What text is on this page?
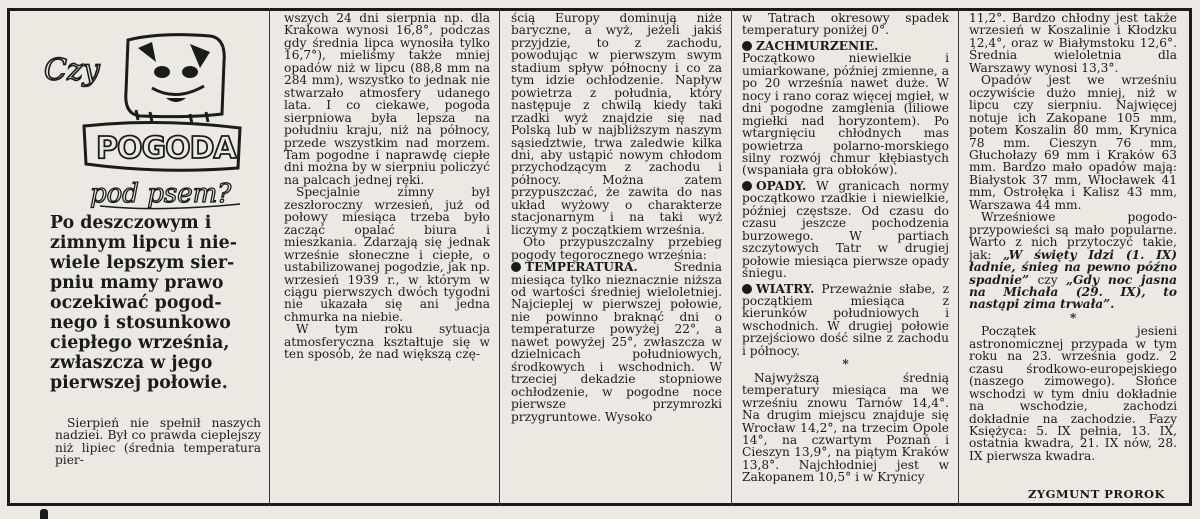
Czy
POGODA
pod psem?
Po deszczowym i
zimnym lipcu i nie-
wiele lepszym sier-
pniu mamy prawo
oczekiwać pogod-
nego i stosunkowo
ciepłego września,
zwłaszcza w jego
pierwszej połowie.

Sierpień nie spełnił naszych nadziei. Był co prawda cieplejszy niż lipiec (średnia temperatura pier-

wszych 24 dni sierpnia np. dla Krakowa wynosi 16,8°, podczas gdy średnia lipca wynosiła tylko 16,7°), mieliśmy także mniej opadów niż w lipcu (88,8 mm na 284 mm), wszystko to jednak nie stwarzało atmosfery udanego lata. I co ciekawe, pogoda sierpniowa była lepsza na południu kraju, niż na północy, przede wszystkim nad morzem. Tam pogodne i naprawdę ciepłe dni można by w sierpniu policzyć na palcach jednej ręki.

Specjalnie zimny był zeszłoroczny wrzesień, już od połowy miesiąca trzeba było zacząć opalać biura i mieszkania. Zdarzają się jednak wrześnie słoneczne i ciepłe, o ustabilizowanej pogodzie, jak np. wrzesień 1939 r., w którym w ciągu pierwszych dwóch tygodni nie ukazała się ani jedna chmurka na niebie.

W tym roku sytuacja atmosferyczna kształtuje się w ten sposób, że nad większą czę-

ścią Europy dominują niże baryczne, a wyż, jeżeli jakiś przyjdzie, to z zachodu, powodując w pierwszym swym stadium spływ północny i co za tym idzie ochłodzenie. Napływ powietrza z południa, który następuje z chwilą kiedy taki rzadki wyż znajdzie się nad Polską lub w najbliższym naszym sąsiedztwie, trwa zaledwie kilka dni, aby ustąpić nowym chłodom przychodzącym z zachodu i północy. Można zatem przypuszczać, że zawita do nas układ wyżowy o charakterze stacjonarnym i na taki wyż liczymy z początkiem września.

Oto przypuszczalny przebieg pogody tegorocznego września:

TEMPERATURA. Średnia miesiąca tylko nieznacznie niższa od wartości średniej wieloletniej. Najcieplej w pierwszej połowie, nie powinno braknąć dni o temperaturze powyżej 22°, a nawet powyżej 25°, zwłaszcza w dzielnicach południowych, środkowych i wschodnich. W trzeciej dekadzie stopniowe ochłodzenie, w pogodne noce pierwsze przymrozki przygruntowe. Wysoko

w Tatrach okresowy spadek temperatury poniżej 0°.

ZACHMURZENIE. Początkowo niewielkie i umiarkowane, później zmienne, a po 20 września nawet duże. W nocy i rano coraz więcej mgieł, w dni pogodne zamglenia (liliowe mgiełki nad horyzontem). Po wtargnięciu chłodnych mas powietrza polarno-morskiego silny rozwój chmur kłębiastych (wspaniała gra obłoków).

OPADY. W granicach normy początkowo rzadkie i niewielkie, później częstsze. Od czasu do czasu jeszcze pochodzenia burzowego. W partiach szczytowych Tatr w drugiej połowie miesiąca pierwsze opady śniegu.

WIATRY. Przeważnie słabe, z początkiem miesiąca z kierunków południowych i wschodnich. W drugiej połowie przejściowo dość silne z zachodu i północy.

*

Najwyższą średnią temperatury miesiąca ma we wrześniu znowu Tarnów 14,4°. Na drugim miejscu znajduje się Wrocław 14,2°, na trzecim Opole 14°, na czwartym Poznań i Cieszyn 13,9°, na piątym Kraków 13,8°. Najchłodniej jest w Zakopanem 10,5° i w Krynicy

11,2°. Bardzo chłodny jest także wrzesień w Koszalinie i Kłodzku 12,4°, oraz w Białymstoku 12,6°. Średnia wieloletnia dla Warszawy wynosi 13,3°.

Opadów jest we wrześniu oczywiście dużo mniej, niż w lipcu czy sierpniu. Najwięcej notuje ich Zakopane 105 mm, potem Koszalin 80 mm, Krynica 78 mm. Cieszyn 76 mm, Głuchołazy 69 mm i Kraków 63 mm. Bardzo mało opadów mają: Białystok 37 mm, Włocławek 41 mm, Ostrołęka i Kalisz 43 mm, Warszawa 44 mm.

Wrześniowe pogodo-przypowieści są mało popularne. Warto z nich przytoczyć takie, jak: „W święty Idzi (1. IX) ładnie, śnieg na pewno późno spadnie” czy „Gdy noc jasna na Michała (29. IX), to nastąpi zima trwała”.

*

Początek jesieni astronomicznej przypada w tym roku na 23. września godz. 2 czasu środkowo-europejskiego (naszego zimowego). Słońce wschodzi w tym dniu dokładnie na wschodzie, zachodzi dokładnie na zachodzie. Fazy Księżyca: 5. IX pełnia, 13. IX, ostatnia kwadra, 21. IX nów, 28. IX pierwsza kwadra.

ZYGMUNT PROROK
